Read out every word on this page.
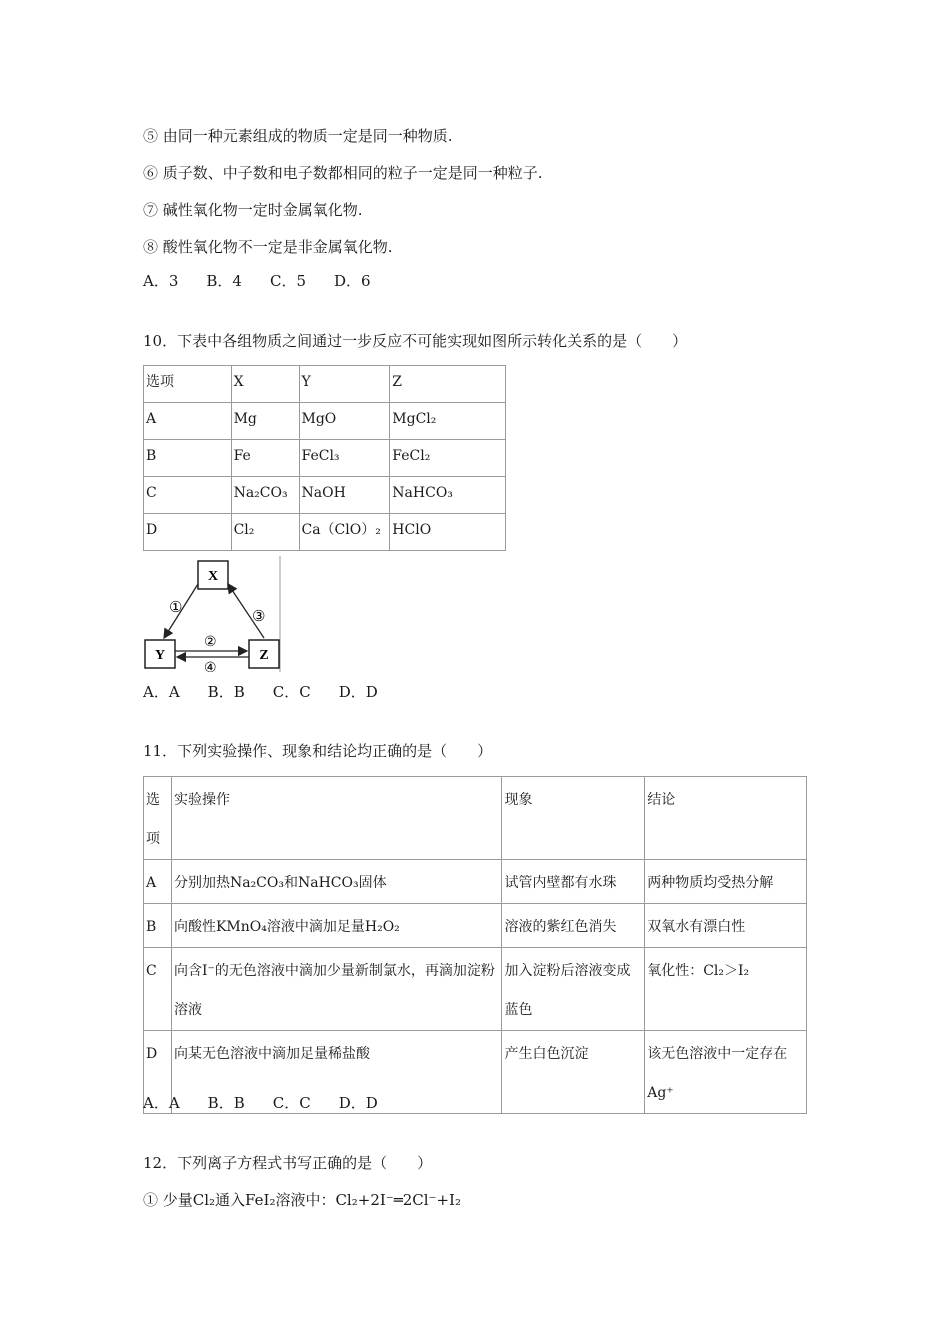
⑤ 由同一种元素组成的物质一定是同一种物质.
⑥ 质子数、中子数和电子数都相同的粒子一定是同一种粒子.
⑦ 碱性氧化物一定时金属氧化物.
⑧ 酸性氧化物不一定是非金属氧化物.
A．3 B．4 C．5 D．6
10．下表中各组物质之间通过一步反应不可能实现如图所示转化关系的是（　　）
选项	X	Y	Z
A	Mg	MgO	MgCl₂
B	Fe	FeCl₃	FeCl₂
C	Na₂CO₃	NaOH	NaHCO₃
D	Cl₂	Ca（ClO）₂	HClO
X
Y	Z
①	③
②
④
A．A B．B C．C D．D
11．下列实验操作、现象和结论均正确的是（　　）
选项	实验操作	现象	结论
A	分别加热Na₂CO₃和NaHCO₃固体	试管内壁都有水珠	两种物质均受热分解
B	向酸性KMnO₄溶液中滴加足量H₂O₂	溶液的紫红色消失	双氧水有漂白性
C	向含I⁻的无色溶液中滴加少量新制氯水，再滴加淀粉溶液	加入淀粉后溶液变成蓝色	氧化性：Cl₂＞I₂
D	向某无色溶液中滴加足量稀盐酸	产生白色沉淀	该无色溶液中一定存在Ag⁺
A．A B．B C．C D．D
12．下列离子方程式书写正确的是（　　）
① 少量Cl₂通入FeI₂溶液中：Cl₂+2I⁻═2Cl⁻+I₂
